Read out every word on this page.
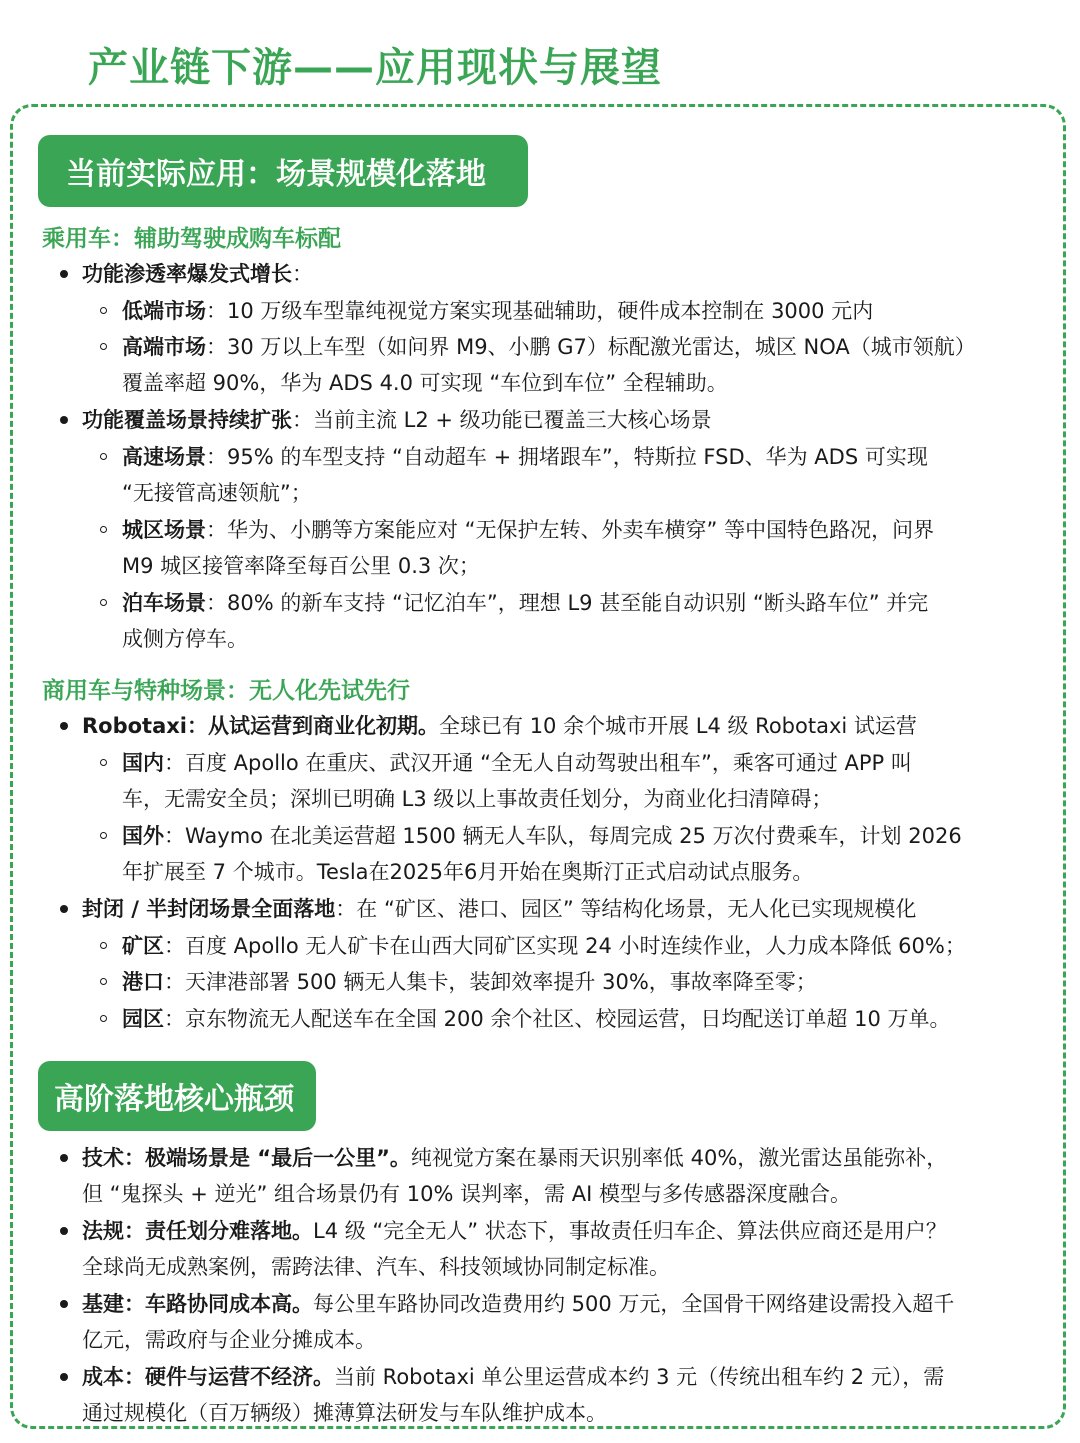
产业链下游——应用现状与展望
当前实际应用：场景规模化落地
乘用车：辅助驾驶成购车标配
功能渗透率爆发式增长：
低端市场：10 万级车型靠纯视觉方案实现基础辅助，硬件成本控制在 3000 元内
高端市场：30 万以上车型（如问界 M9、小鹏 G7）标配激光雷达，城区 NOA（城市领航）
覆盖率超 90%，华为 ADS 4.0 可实现 “车位到车位” 全程辅助。
功能覆盖场景持续扩张：当前主流 L2 + 级功能已覆盖三大核心场景
高速场景：95% 的车型支持 “自动超车 + 拥堵跟车”，特斯拉 FSD、华为 ADS 可实现
“无接管高速领航”；
城区场景：华为、小鹏等方案能应对 “无保护左转、外卖车横穿” 等中国特色路况，问界
M9 城区接管率降至每百公里 0.3 次；
泊车场景：80% 的新车支持 “记忆泊车”，理想 L9 甚至能自动识别 “断头路车位” 并完
成侧方停车。
商用车与特种场景：无人化先试先行
Robotaxi：从试运营到商业化初期。全球已有 10 余个城市开展 L4 级 Robotaxi 试运营
国内：百度 Apollo 在重庆、武汉开通 “全无人自动驾驶出租车”，乘客可通过 APP 叫
车，无需安全员；深圳已明确 L3 级以上事故责任划分，为商业化扫清障碍；
国外：Waymo 在北美运营超 1500 辆无人车队，每周完成 25 万次付费乘车，计划 2026
年扩展至 7 个城市。Tesla在2025年6月开始在奥斯汀正式启动试点服务。
封闭 / 半封闭场景全面落地：在 “矿区、港口、园区” 等结构化场景，无人化已实现规模化
矿区：百度 Apollo 无人矿卡在山西大同矿区实现 24 小时连续作业，人力成本降低 60%；
港口：天津港部署 500 辆无人集卡，装卸效率提升 30%，事故率降至零；
园区：京东物流无人配送车在全国 200 余个社区、校园运营，日均配送订单超 10 万单。
高阶落地核心瓶颈
技术：极端场景是 “最后一公里”。纯视觉方案在暴雨天识别率低 40%，激光雷达虽能弥补，
但 “鬼探头 + 逆光” 组合场景仍有 10% 误判率，需 AI 模型与多传感器深度融合。
法规：责任划分难落地。L4 级 “完全无人” 状态下，事故责任归车企、算法供应商还是用户？
全球尚无成熟案例，需跨法律、汽车、科技领域协同制定标准。
基建：车路协同成本高。每公里车路协同改造费用约 500 万元，全国骨干网络建设需投入超千
亿元，需政府与企业分摊成本。
成本：硬件与运营不经济。当前 Robotaxi 单公里运营成本约 3 元（传统出租车约 2 元），需
通过规模化（百万辆级）摊薄算法研发与车队维护成本。
